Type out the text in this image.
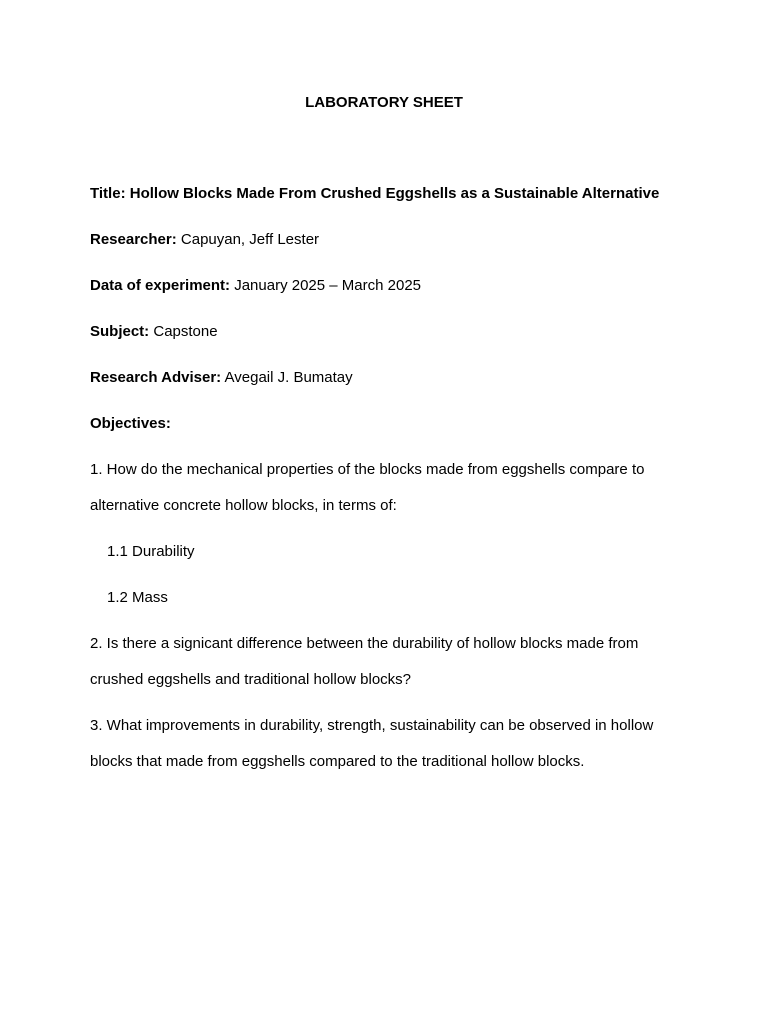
LABORATORY SHEET
Title: Hollow Blocks Made From Crushed Eggshells as a Sustainable Alternative
Researcher: Capuyan, Jeff Lester
Data of experiment: January 2025 – March 2025
Subject: Capstone
Research Adviser: Avegail J. Bumatay
Objectives:
1. How do the mechanical properties of the blocks made from eggshells compare to
alternative concrete hollow blocks, in terms of:
1.1 Durability
1.2 Mass
2. Is there a signicant difference between the durability of hollow blocks made from
crushed eggshells and traditional hollow blocks?
3. What improvements in durability, strength, sustainability can be observed in hollow
blocks that made from eggshells compared to the traditional hollow blocks.
